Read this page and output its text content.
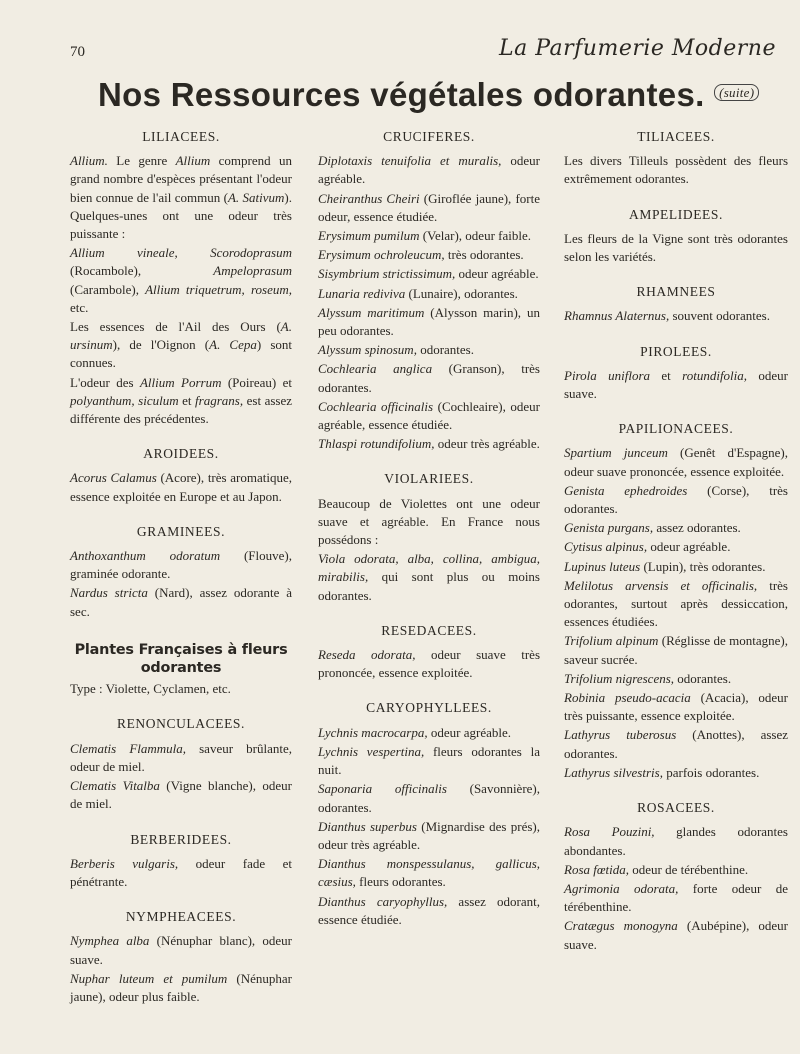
70	La Parfumerie Moderne
Nos Ressources végétales odorantes. (suite)
LILIACEES.

Allium. Le genre Allium comprend un grand nombre d'espèces présentant l'odeur bien connue de l'ail commun (A. Sativum). Quelques-unes ont une odeur très puissante :

Allium vineale, Scorodoprasum (Rocambole), Ampeloprasum (Carambole), Allium triquetrum, roseum, etc.

Les essences de l'Ail des Ours (A. ursinum), de l'Oignon (A. Cepa) sont connues.

L'odeur des Allium Porrum (Poireau) et polyanthum, siculum et fragrans, est assez différente des précédentes.

AROIDEES.

Acorus Calamus (Acore), très aromatique, essence exploitée en Europe et au Japon.

GRAMINEES.

Anthoxanthum odoratum (Flouve), graminée odorante.

Nardus stricta (Nard), assez odorante à sec.

Plantes Françaises à fleurs odorantes

Type : Violette, Cyclamen, etc.

RENONCULACEES.

Clematis Flammula, saveur brûlante, odeur de miel.

Clematis Vitalba (Vigne blanche), odeur de miel.

BERBERIDEES.

Berberis vulgaris, odeur fade et pénétrante.

NYMPHEACEES.

Nymphea alba (Nénuphar blanc), odeur suave.

Nuphar luteum et pumilum (Nénuphar jaune), odeur plus faible.

CRUCIFERES.

Diplotaxis tenuifolia et muralis, odeur agréable.

Cheiranthus Cheiri (Giroflée jaune), forte odeur, essence étudiée.

Erysimum pumilum (Velar), odeur faible.

Erysimum ochroleucum, très odorantes.

Sisymbrium strictissimum, odeur agréable.

Lunaria rediviva (Lunaire), odorantes.

Alyssum maritimum (Alysson marin), un peu odorantes.

Alyssum spinosum, odorantes.

Cochlearia anglica (Granson), très odorantes.

Cochlearia officinalis (Cochleaire), odeur agréable, essence étudiée.

Thlaspi rotundifolium, odeur très agréable.

VIOLARIEES.

Beaucoup de Violettes ont une odeur suave et agréable. En France nous possédons :

Viola odorata, alba, collina, ambigua, mirabilis, qui sont plus ou moins odorantes.

RESEDACEES.

Reseda odorata, odeur suave très prononcée, essence exploitée.

CARYOPHYLLEES.

Lychnis macrocarpa, odeur agréable.

Lychnis vespertina, fleurs odorantes la nuit.

Saponaria officinalis (Savonnière), odorantes.

Dianthus superbus (Mignardise des prés), odeur très agréable.

Dianthus monspessulanus, gallicus, cæsius, fleurs odorantes.

Dianthus caryophyllus, assez odorant, essence étudiée.

TILIACEES.

Les divers Tilleuls possèdent des fleurs extrêmement odorantes.

AMPELIDEES.

Les fleurs de la Vigne sont très odorantes selon les variétés.

RHAMNEES

Rhamnus Alaternus, souvent odorantes.

PIROLEES.

Pirola uniflora et rotundifolia, odeur suave.

PAPILIONACEES.

Spartium junceum (Genêt d'Espagne), odeur suave prononcée, essence exploitée.

Genista ephedroides (Corse), très odorantes.

Genista purgans, assez odorantes.

Cytisus alpinus, odeur agréable.

Lupinus luteus (Lupin), très odorantes.

Melilotus arvensis et officinalis, très odorantes, surtout après dessiccation, essences étudiées.

Trifolium alpinum (Réglisse de montagne), saveur sucrée.

Trifolium nigrescens, odorantes.

Robinia pseudo-acacia (Acacia), odeur très puissante, essence exploitée.

Lathyrus tuberosus (Anottes), assez odorantes.

Lathyrus silvestris, parfois odorantes.

ROSACEES.

Rosa Pouzini, glandes odorantes abondantes.

Rosa fœtida, odeur de térébenthine.

Agrimonia odorata, forte odeur de térébenthine.

Cratægus monogyna (Aubépine), odeur suave.
